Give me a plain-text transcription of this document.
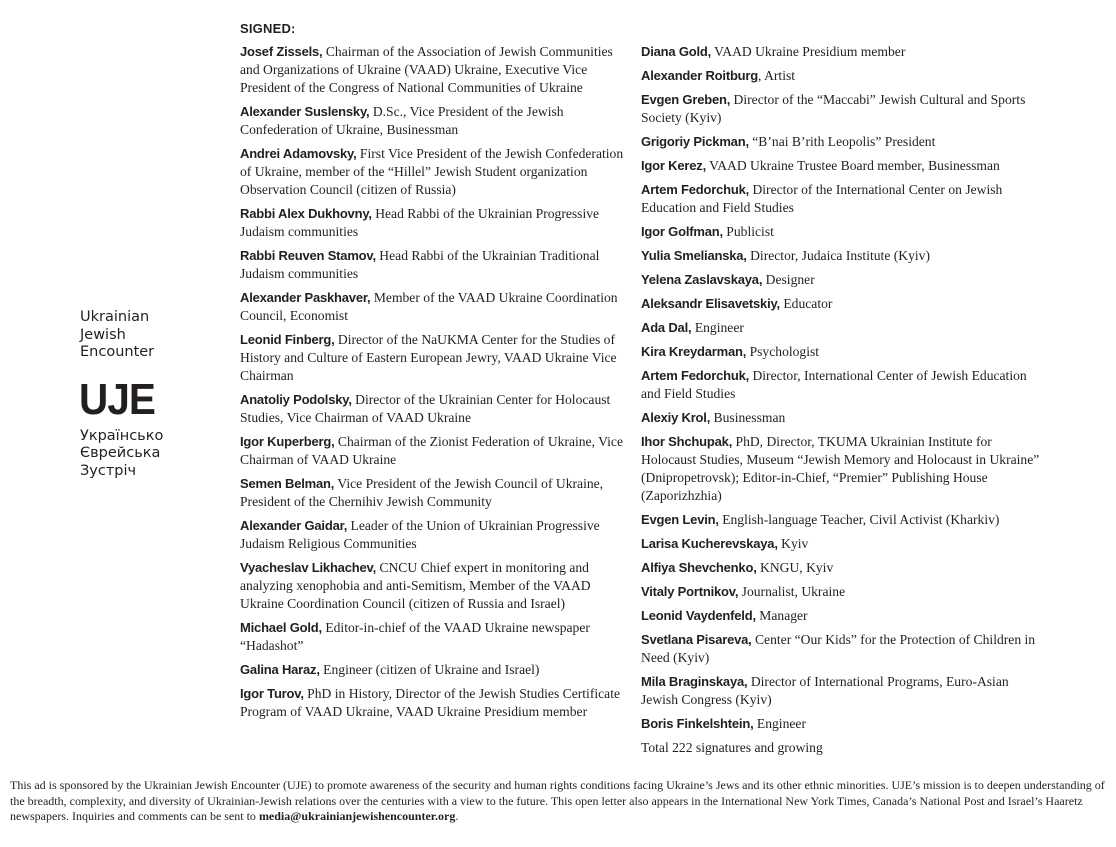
Ukrainian
Jewish
Encounter
UJE
Українсько
Єврейська
Зустріч
SIGNED:
Josef Zissels, Chairman of the Association of Jewish Communities and Organizations of Ukraine (VAAD) Ukraine, Executive Vice President of the Congress of National Communities of Ukraine
Alexander Suslensky, D.Sc., Vice President of the Jewish Confederation of Ukraine, Businessman
Andrei Adamovsky, First Vice President of the Jewish Confederation of Ukraine, member of the “Hillel” Jewish Student organization Observation Council (citizen of Russia)
Rabbi Alex Dukhovny, Head Rabbi of the Ukrainian Progressive Judaism communities
Rabbi Reuven Stamov, Head Rabbi of the Ukrainian Traditional Judaism communities
Alexander Paskhaver, Member of the VAAD Ukraine Coordination Council, Economist
Leonid Finberg, Director of the NaUKMA Center for the Studies of History and Culture of Eastern European Jewry, VAAD Ukraine Vice Chairman
Anatoliy Podolsky, Director of the Ukrainian Center for Holocaust Studies, Vice Chairman of VAAD Ukraine
Igor Kuperberg, Chairman of the Zionist Federation of Ukraine, Vice Chairman of VAAD Ukraine
Semen Belman, Vice President of the Jewish Council of Ukraine, President of the Chernihiv Jewish Community
Alexander Gaidar, Leader of the Union of Ukrainian Progressive Judaism Religious Communities
Vyacheslav Likhachev, CNCU Chief expert in monitoring and analyzing xenophobia and anti-Semitism, Member of the VAAD Ukraine Coordination Council (citizen of Russia and Israel)
Michael Gold, Editor-in-chief of the VAAD Ukraine newspaper “Hadashot”
Galina Haraz, Engineer (citizen of Ukraine and Israel)
Igor Turov, PhD in History, Director of the Jewish Studies Certificate Program of VAAD Ukraine, VAAD Ukraine Presidium member
Diana Gold, VAAD Ukraine Presidium member
Alexander Roitburg, Artist
Evgen Greben, Director of the “Maccabi” Jewish Cultural and Sports Society (Kyiv)
Grigoriy Pickman, “B’nai B’rith Leopolis” President
Igor Kerez, VAAD Ukraine Trustee Board member, Businessman
Artem Fedorchuk, Director of the International Center on Jewish Education and Field Studies
Igor Golfman, Publicist
Yulia Smelianska, Director, Judaica Institute (Kyiv)
Yelena Zaslavskaya, Designer
Aleksandr Elisavetskiy, Educator
Ada Dal, Engineer
Kira Kreydarman, Psychologist
Artem Fedorchuk, Director, International Center of Jewish Education and Field Studies
Alexiy Krol, Businessman
Ihor Shchupak, PhD, Director, TKUMA Ukrainian Institute for Holocaust Studies, Museum “Jewish Memory and Holocaust in Ukraine” (Dnipropetrovsk); Editor-in-Chief, “Premier” Publishing House (Zaporizhzhia)
Evgen Levin, English-language Teacher, Civil Activist (Kharkiv)
Larisa Kucherevskaya, Kyiv
Alfiya Shevchenko, KNGU, Kyiv
Vitaly Portnikov, Journalist, Ukraine
Leonid Vaydenfeld, Manager
Svetlana Pisareva, Center “Our Kids” for the Protection of Children in Need (Kyiv)
Mila Braginskaya, Director of International Programs, Euro-Asian Jewish Congress (Kyiv)
Boris Finkelshtein, Engineer
Total 222 signatures and growing
This ad is sponsored by the Ukrainian Jewish Encounter (UJE) to promote awareness of the security and human rights conditions facing Ukraine’s Jews and its other ethnic minorities. UJE’s mission is to deepen understanding of the breadth, complexity, and diversity of Ukrainian-Jewish relations over the centuries with a view to the future. This open letter also appears in the International New York Times, Canada’s National Post and Israel’s Haaretz newspapers. Inquiries and comments can be sent to media@ukrainianjewishencounter.org.
